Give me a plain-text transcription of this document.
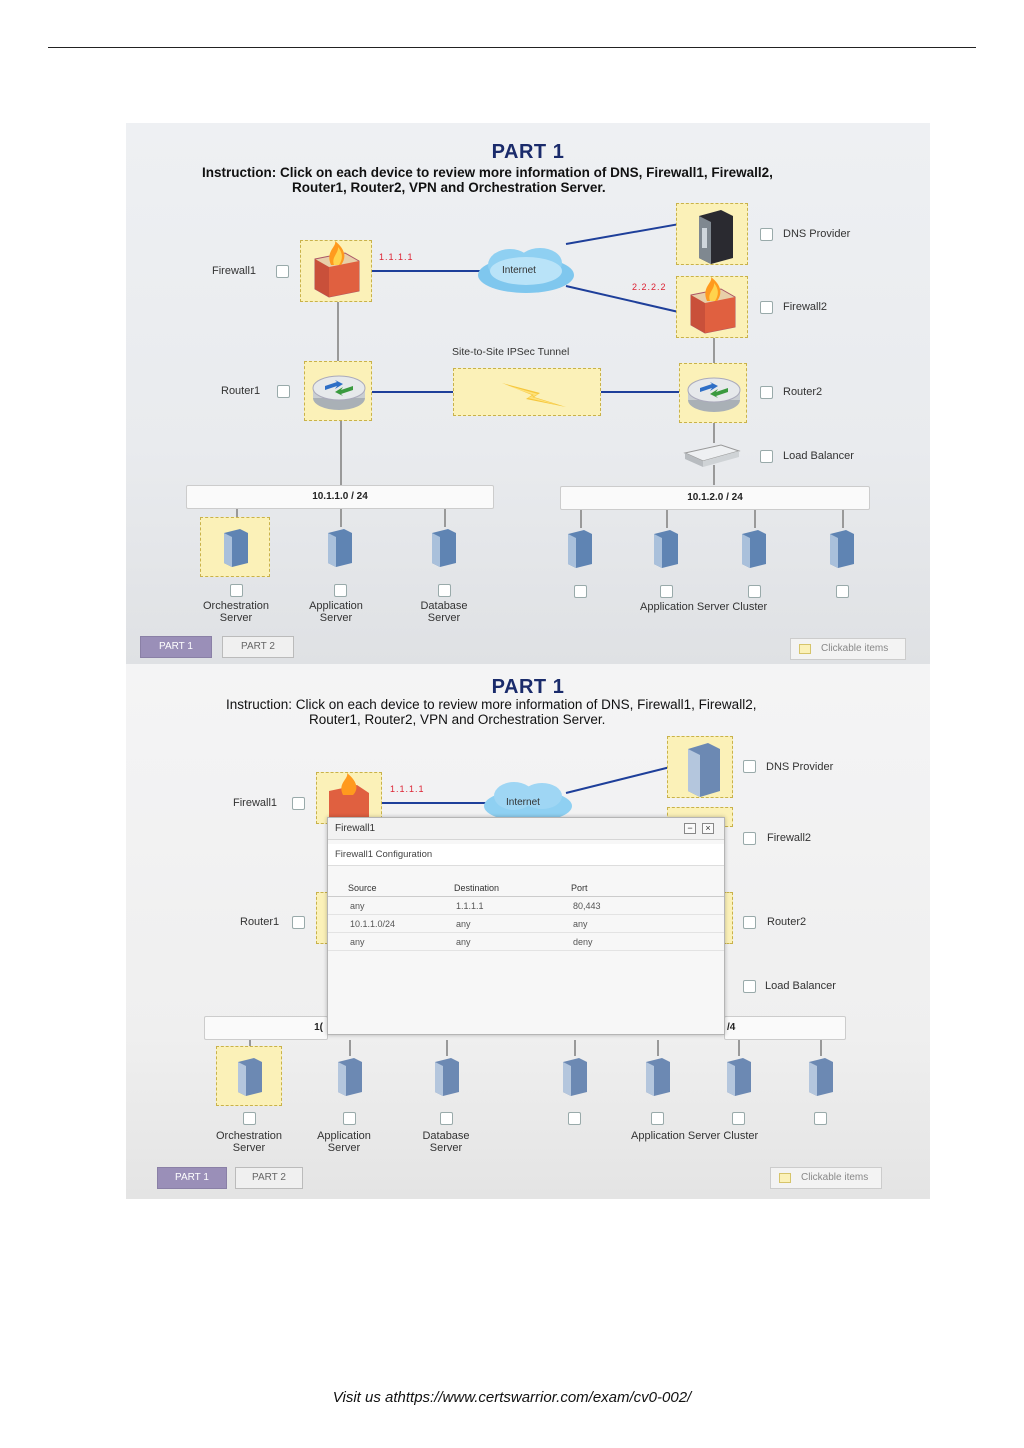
PART 1
Instruction: Click on each device to review more information of DNS, Firewall1, Firewall2,
Router1, Router2, VPN and Orchestration Server.
Firewall1
1.1.1.1
Internet
DNS Provider
2.2.2.2
Firewall2
Site-to-Site IPSec Tunnel
Router1	Router2
Load Balancer
10.1.1.0 / 24	10.1.2.0 / 24
Orchestration
Server
Application
Server
Database
Server
Application Server Cluster
PART 1	PART 2	Clickable items
PART 1
Instruction: Click on each device to review more information of DNS, Firewall1, Firewall2,
Router1, Router2, VPN and Orchestration Server.
Firewall1
1.1.1.1
Internet
DNS Provider
Firewall2
Router1	Router2
Load Balancer
1(	/4
Orchestration
Server
Application
Server
Database
Server
Application Server Cluster
PART 1	PART 2	Clickable items
Firewall1	−	×
Firewall1 Configuration
Source	Destination	Port
any	1.1.1.1	80,443
10.1.1.0/24	any	any
any	any	deny
Visit us athttps://www.certswarrior.com/exam/cv0-002/
